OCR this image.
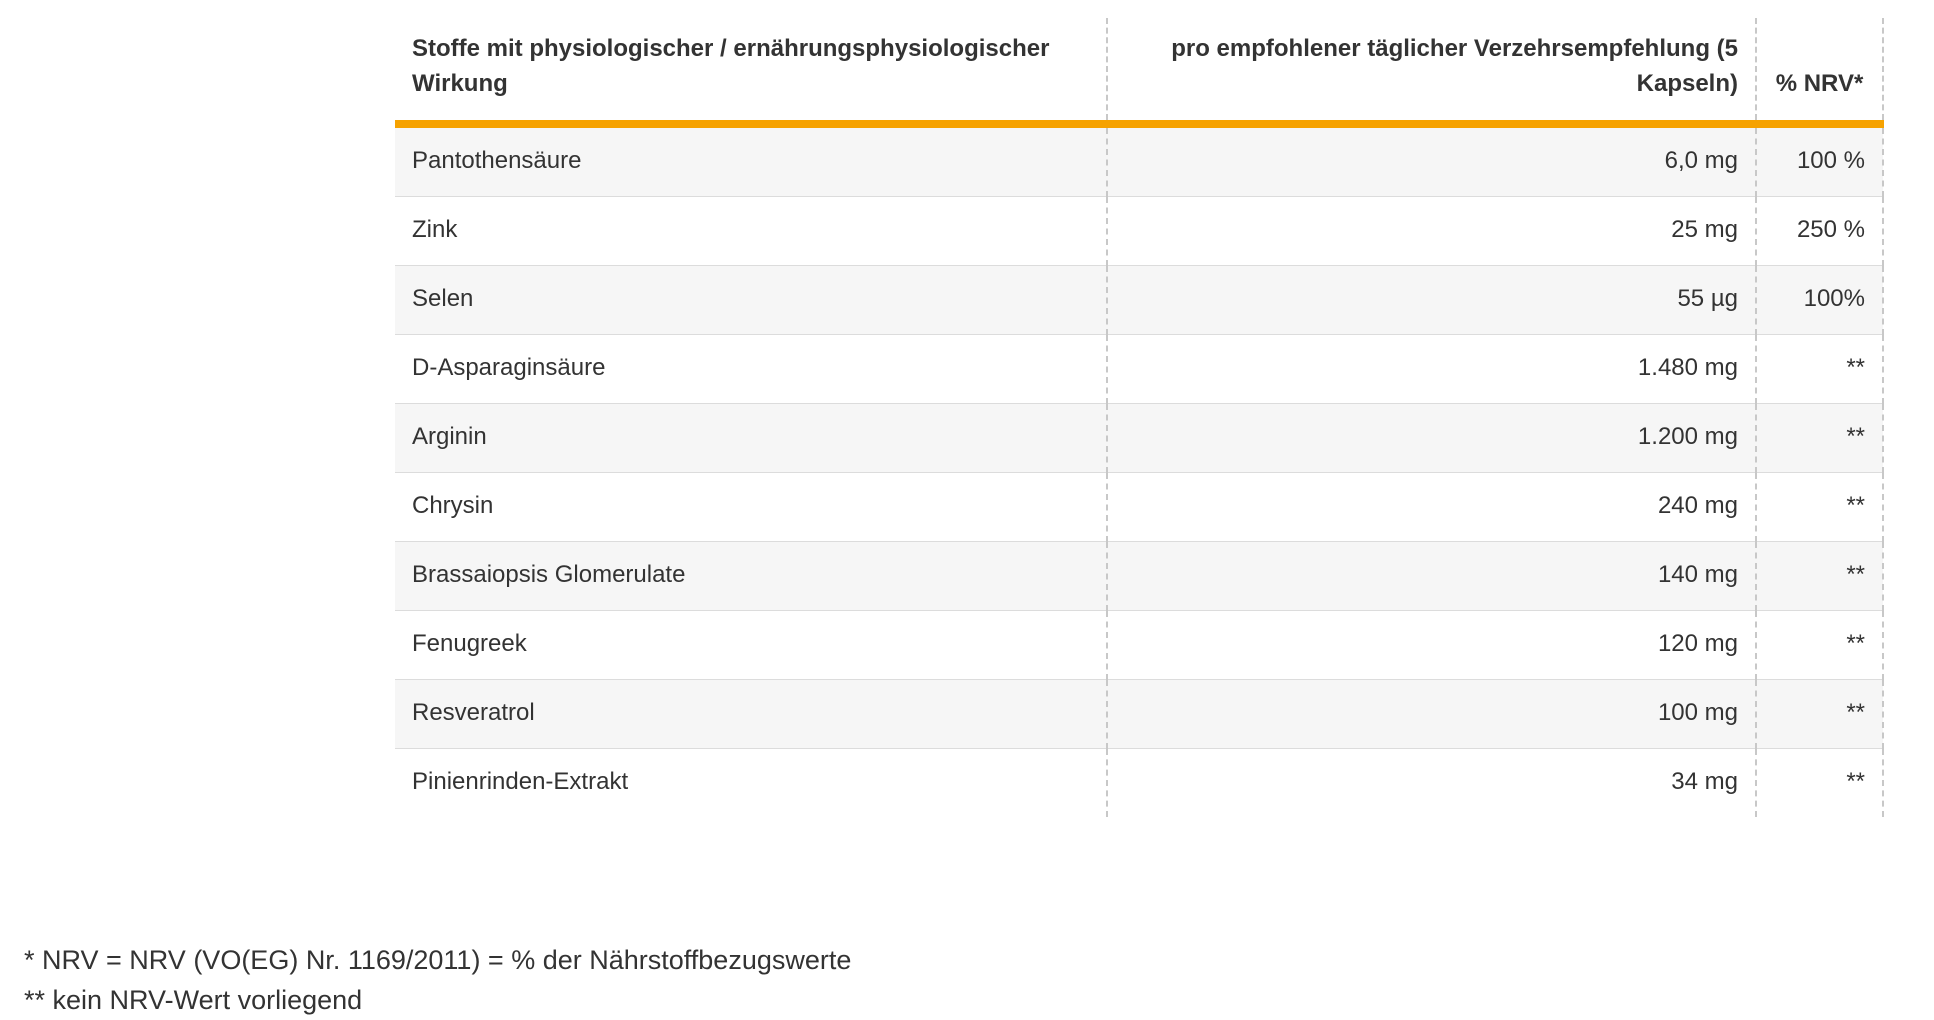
Stoffe mit physiologischer / ernährungsphysiologischer Wirkung	pro empfohlener täglicher Verzehrsempfehlung (5 Kapseln)	% NRV*
Pantothensäure	6,0 mg	100 %
Zink	25 mg	250 %
Selen	55 µg	100%
D-Asparaginsäure	1.480 mg	**
Arginin	1.200 mg	**
Chrysin	240 mg	**
Brassaiopsis Glomerulate	140 mg	**
Fenugreek	120 mg	**
Resveratrol	100 mg	**
Pinienrinden-Extrakt	34 mg	**
* NRV = NRV (VO(EG) Nr. 1169/2011) = % der Nährstoffbezugswerte
** kein NRV-Wert vorliegend
